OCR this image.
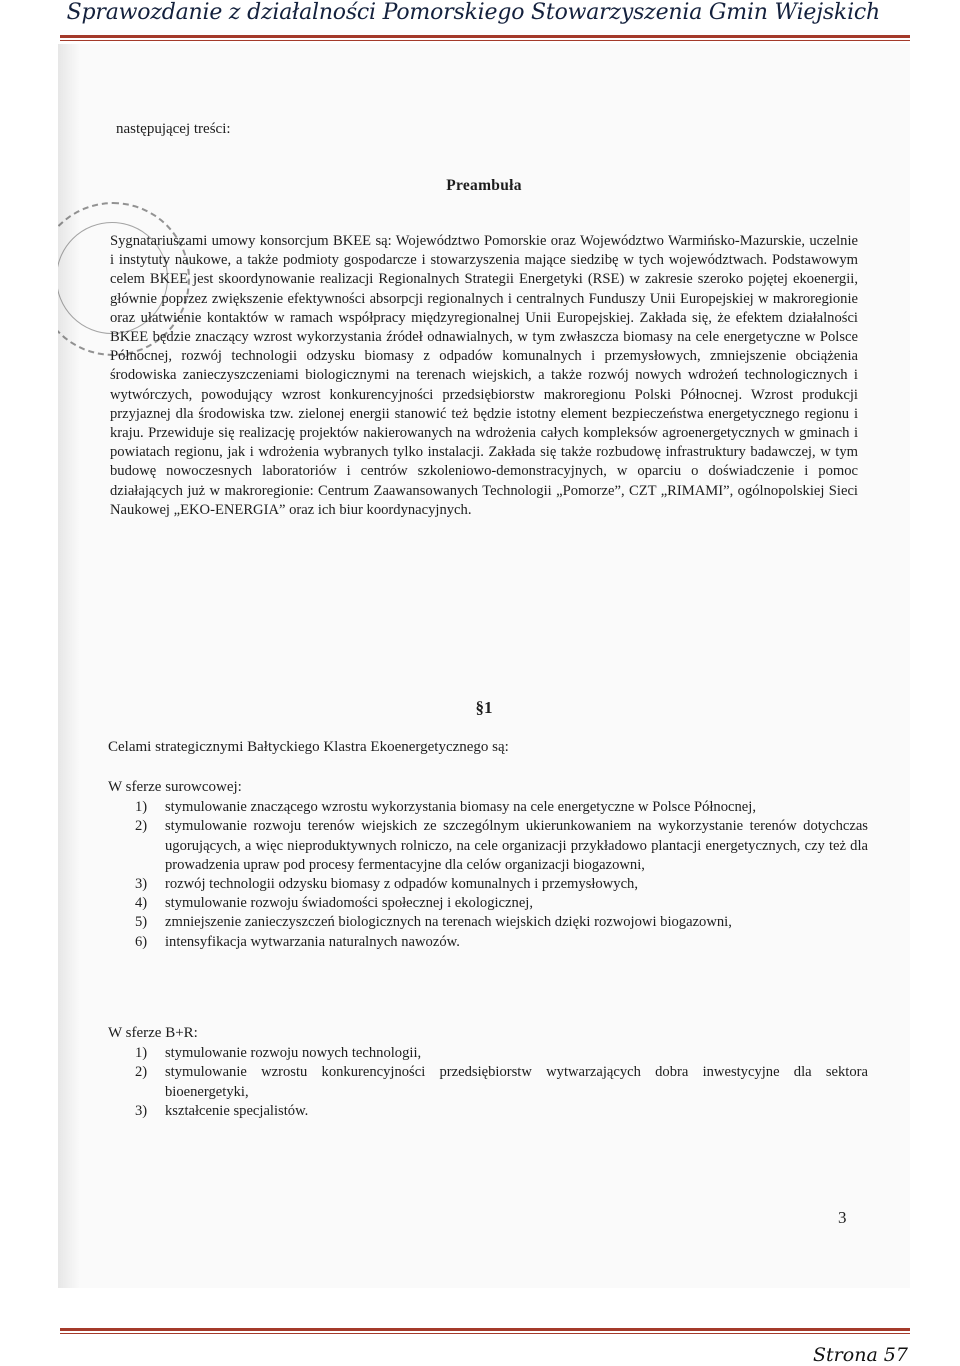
Sprawozdanie z działalności Pomorskiego Stowarzyszenia Gmin Wiejskich
następującej treści:
Preambuła
Sygnatariuszami umowy konsorcjum BKEE są: Województwo Pomorskie oraz Województwo Warmińsko-Mazurskie, uczelnie i instytuty naukowe, a także podmioty gospodarcze i stowarzyszenia mające siedzibę w tych województwach. Podstawowym celem BKEE jest skoordynowanie realizacji Regionalnych Strategii Energetyki (RSE) w zakresie szeroko pojętej ekoenergii, głównie poprzez zwiększenie efektywności absorpcji regionalnych i centralnych Funduszy Unii Europejskiej w makroregionie oraz ułatwienie kontaktów w ramach współpracy międzyregionalnej Unii Europejskiej. Zakłada się, że efektem działalności BKEE będzie znaczący wzrost wykorzystania źródeł odnawialnych, w tym zwłaszcza biomasy na cele energetyczne w Polsce Północnej, rozwój technologii odzysku biomasy z odpadów komunalnych i przemysłowych, zmniejszenie obciążenia środowiska zanieczyszczeniami biologicznymi na terenach wiejskich, a także rozwój nowych wdrożeń technologicznych i wytwórczych, powodujący wzrost konkurencyjności przedsiębiorstw makroregionu Polski Północnej. Wzrost produkcji przyjaznej dla środowiska tzw. zielonej energii stanowić też będzie istotny element bezpieczeństwa energetycznego regionu i kraju. Przewiduje się realizację projektów nakierowanych na wdrożenia całych kompleksów agroenergetycznych w gminach i powiatach regionu, jak i wdrożenia wybranych tylko instalacji. Zakłada się także rozbudowę infrastruktury badawczej, w tym budowę nowoczesnych laboratoriów i centrów szkoleniowo-demonstracyjnych, w oparciu o doświadczenie i pomoc działających już w makroregionie: Centrum Zaawansowanych Technologii „Pomorze”, CZT „RIMAMI”, ogólnopolskiej Sieci Naukowej „EKO-ENERGIA” oraz ich biur koordynacyjnych.
§1
Celami strategicznymi Bałtyckiego Klastra Ekoenergetycznego są:
W sferze surowcowej:
1) stymulowanie znaczącego wzrostu wykorzystania biomasy na cele energetyczne w Polsce Północnej,
2) stymulowanie rozwoju terenów wiejskich ze szczególnym ukierunkowaniem na wykorzystanie terenów dotychczas ugorujących, a więc nieproduktywnych rolniczo, na cele organizacji przykładowo plantacji energetycznych, czy też dla prowadzenia upraw pod procesy fermentacyjne dla celów organizacji biogazowni,
3) rozwój technologii odzysku biomasy z odpadów komunalnych i przemysłowych,
4) stymulowanie rozwoju świadomości społecznej i ekologicznej,
5) zmniejszenie zanieczyszczeń biologicznych na terenach wiejskich dzięki rozwojowi biogazowni,
6) intensyfikacja wytwarzania naturalnych nawozów.
W sferze B+R:
1) stymulowanie rozwoju nowych technologii,
2) stymulowanie wzrostu konkurencyjności przedsiębiorstw wytwarzających dobra inwestycyjne dla sektora bioenergetyki,
3) kształcenie specjalistów.
3
Strona 57
